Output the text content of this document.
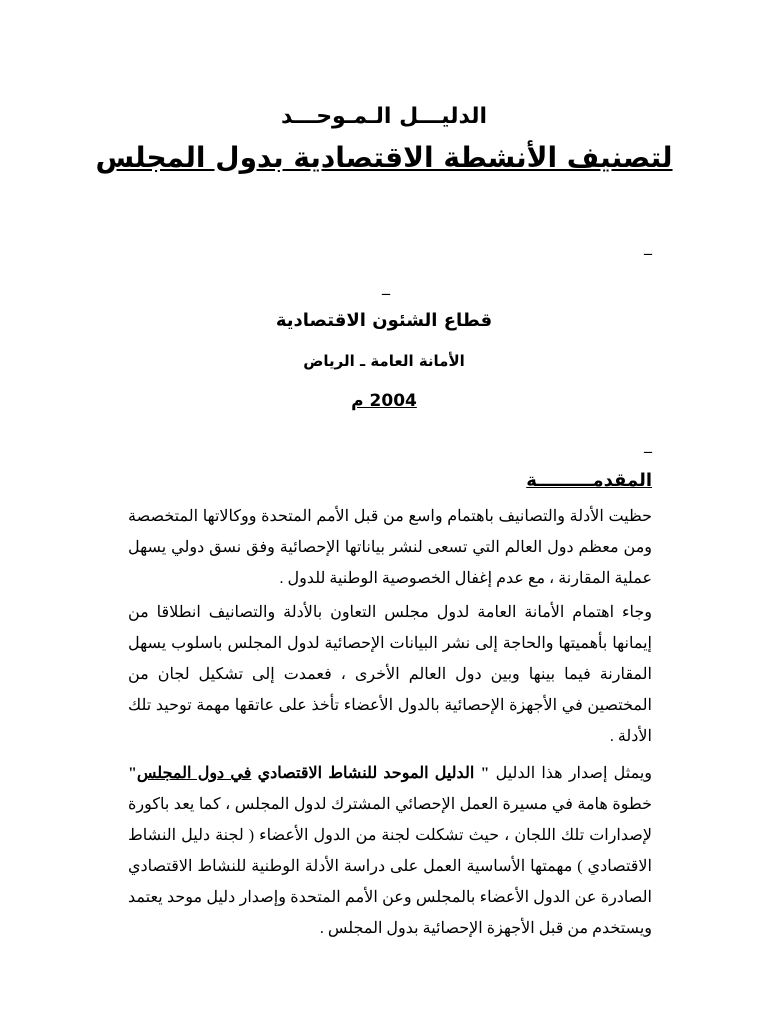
الدليـــل الـمـوحـــد
لتصنيف الأنشطة الاقتصادية بدول المجلس
_
_
قطاع الشئون الاقتصادية
الأمانة العامة ـ الرياض
2004 م
_
المقدمـــــــــة
حظيت الأدلة والتصانيف باهتمام واسع من قبل الأمم المتحدة ووكالاتها المتخصصة ومن معظم دول العالم التي تسعى لنشر بياناتها الإحصائية وفق نسق دولي يسهل عملية المقارنة ، مع عدم إغفال الخصوصية الوطنية للدول .
وجاء اهتمام الأمانة العامة لدول مجلس التعاون بالأدلة والتصانيف انطلاقا من إيمانها بأهميتها والحاجة إلى نشر البيانات الإحصائية لدول المجلس باسلوب يسهل المقارنة فيما بينها وبين دول العالم الأخرى ، فعمدت إلى تشكيل لجان من المختصين في الأجهزة الإحصائية بالدول الأعضاء تأخذ على عاتقها مهمة توحيد تلك الأدلة .
ويمثل إصدار هذا الدليل " الدليل الموحد للنشاط الاقتصادي في دول المجلس" خطوة هامة في مسيرة العمل الإحصائي المشترك لدول المجلس ، كما يعد باكورة لإصدارات تلك اللجان ، حيث تشكلت لجنة من الدول الأعضاء ( لجنة دليل النشاط الاقتصادي ) مهمتها الأساسية العمل على دراسة الأدلة الوطنية للنشاط الاقتصادي الصادرة عن الدول الأعضاء بالمجلس وعن الأمم المتحدة وإصدار دليل موحد يعتمد ويستخدم من قبل الأجهزة الإحصائية بدول المجلس .
